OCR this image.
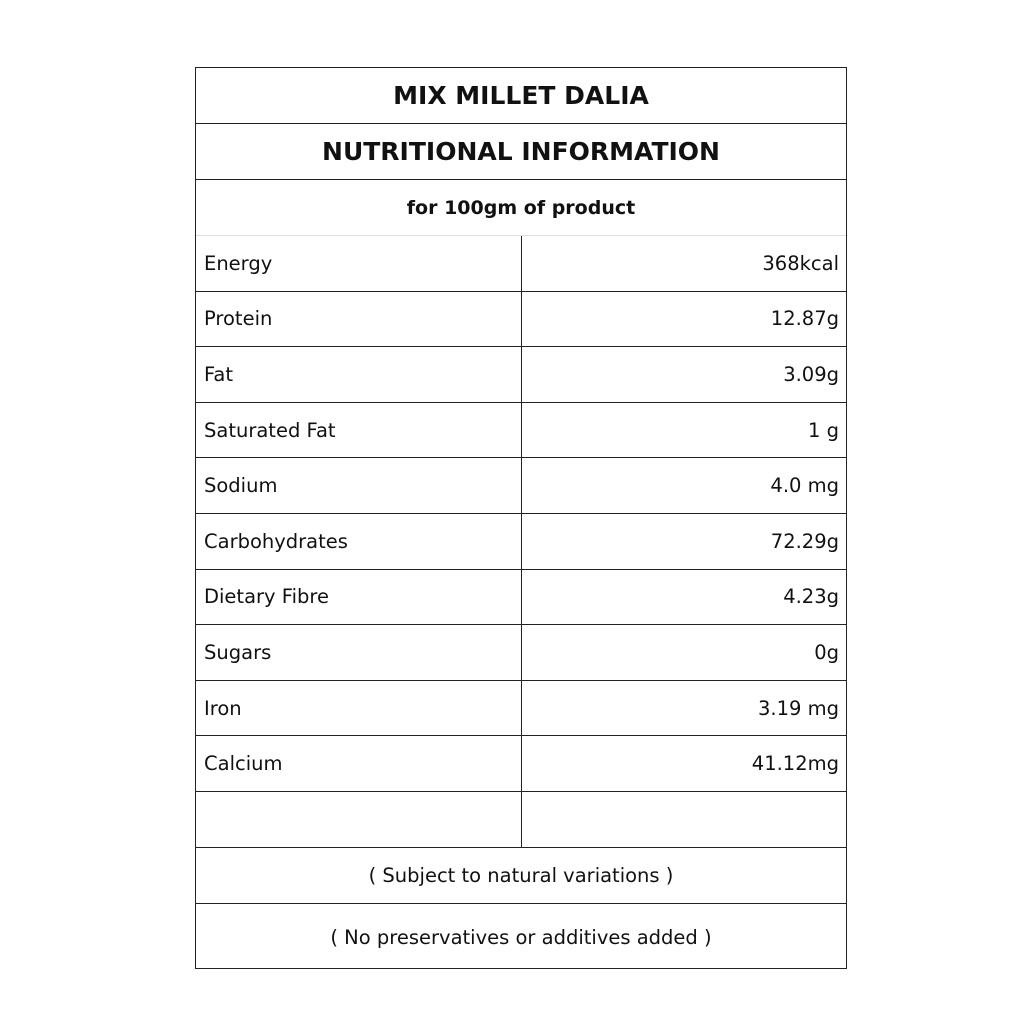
MIX MILLET DALIA
NUTRITIONAL INFORMATION
for 100gm of product
Energy	368kcal
Protein	12.87g
Fat	3.09g
Saturated Fat	1 g
Sodium	4.0 mg
Carbohydrates	72.29g
Dietary Fibre	4.23g
Sugars	0g
Iron	3.19 mg
Calcium	41.12mg
( Subject to natural variations )
( No preservatives or additives added )
